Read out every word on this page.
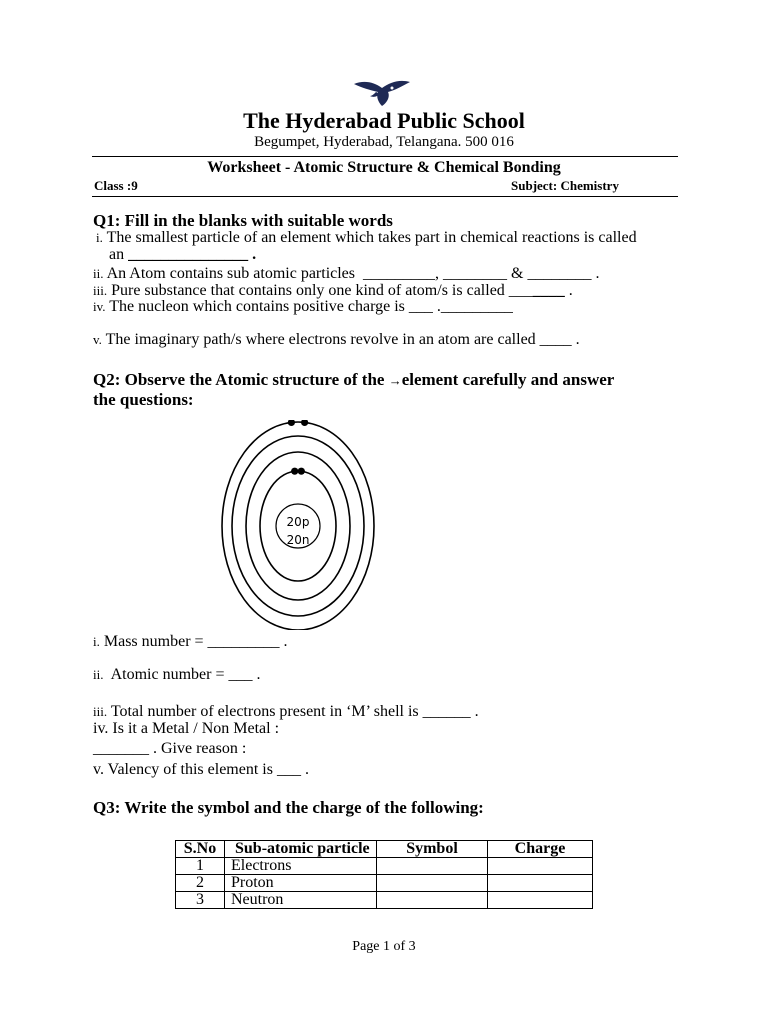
The Hyderabad Public School
Begumpet, Hyderabad, Telangana. 500 016
Worksheet - Atomic Structure & Chemical Bonding
Class :9	Subject: Chemistry
Q1: Fill in the blanks with suitable words
i. The smallest particle of an element which takes part in chemical reactions is called
an _______________ .
ii. An Atom contains sub atomic particles  _________, ________ & ________ .
iii. Pure substance that contains only one kind of atom/s is called _______ .
iv. The nucleon which contains positive charge is ___ ._________
v. The imaginary path/s where electrons revolve in an atom are called ____ .
Q2: Observe the Atomic structure of the →element carefully and answer
the questions:
20p
20n
i. Mass number = _________ .
ii.  Atomic number = ___ .
iii. Total number of electrons present in ‘M’ shell is ______ .
iv. Is it a Metal / Non Metal :
_______ . Give reason :
v. Valency of this element is ___ .
Q3: Write the symbol and the charge of the following:
S.No	Sub-atomic particle	Symbol	Charge
1	Electrons		
2	Proton		
3	Neutron		
Page 1 of 3
